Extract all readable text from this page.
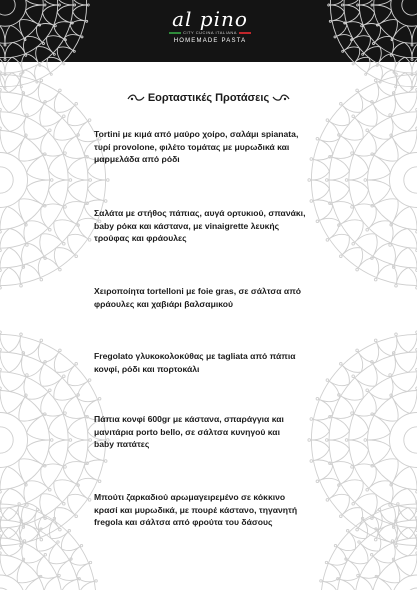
al pino
CITY CUCINA ITALIANA
HOMEMADE PASTA
Εορταστικές Προτάσεις
Tortini με κιμά από μαύρο χοίρο, σαλάμι spianata,
τυρί provolone, φιλέτο τομάτας με μυρωδικά και
μαρμελάδα από ρόδι
Σαλάτα με στήθος πάπιας, αυγά ορτυκιού, σπανάκι,
baby ρόκα και κάστανα, με vinaigrette λευκής
τρούφας και φράουλες
Χειροποίητα tortelloni με foie gras, σε σάλτσα από
φράουλες και χαβιάρι βαλσαμικού
Fregolato γλυκοκολοκύθας με tagliata από πάπια
κονφί, ρόδι και πορτοκάλι
Πάπια κονφί 600gr με κάστανα, σπαράγγια και
μανιτάρια porto bello, σε σάλτσα κυνηγού και
baby πατάτες
Μπούτι ζαρκαδιού αρωμαγειρεμένο σε κόκκινο
κρασί και μυρωδικά, με πουρέ κάστανο, τηγανητή
fregola και σάλτσα από φρούτα του δάσους
